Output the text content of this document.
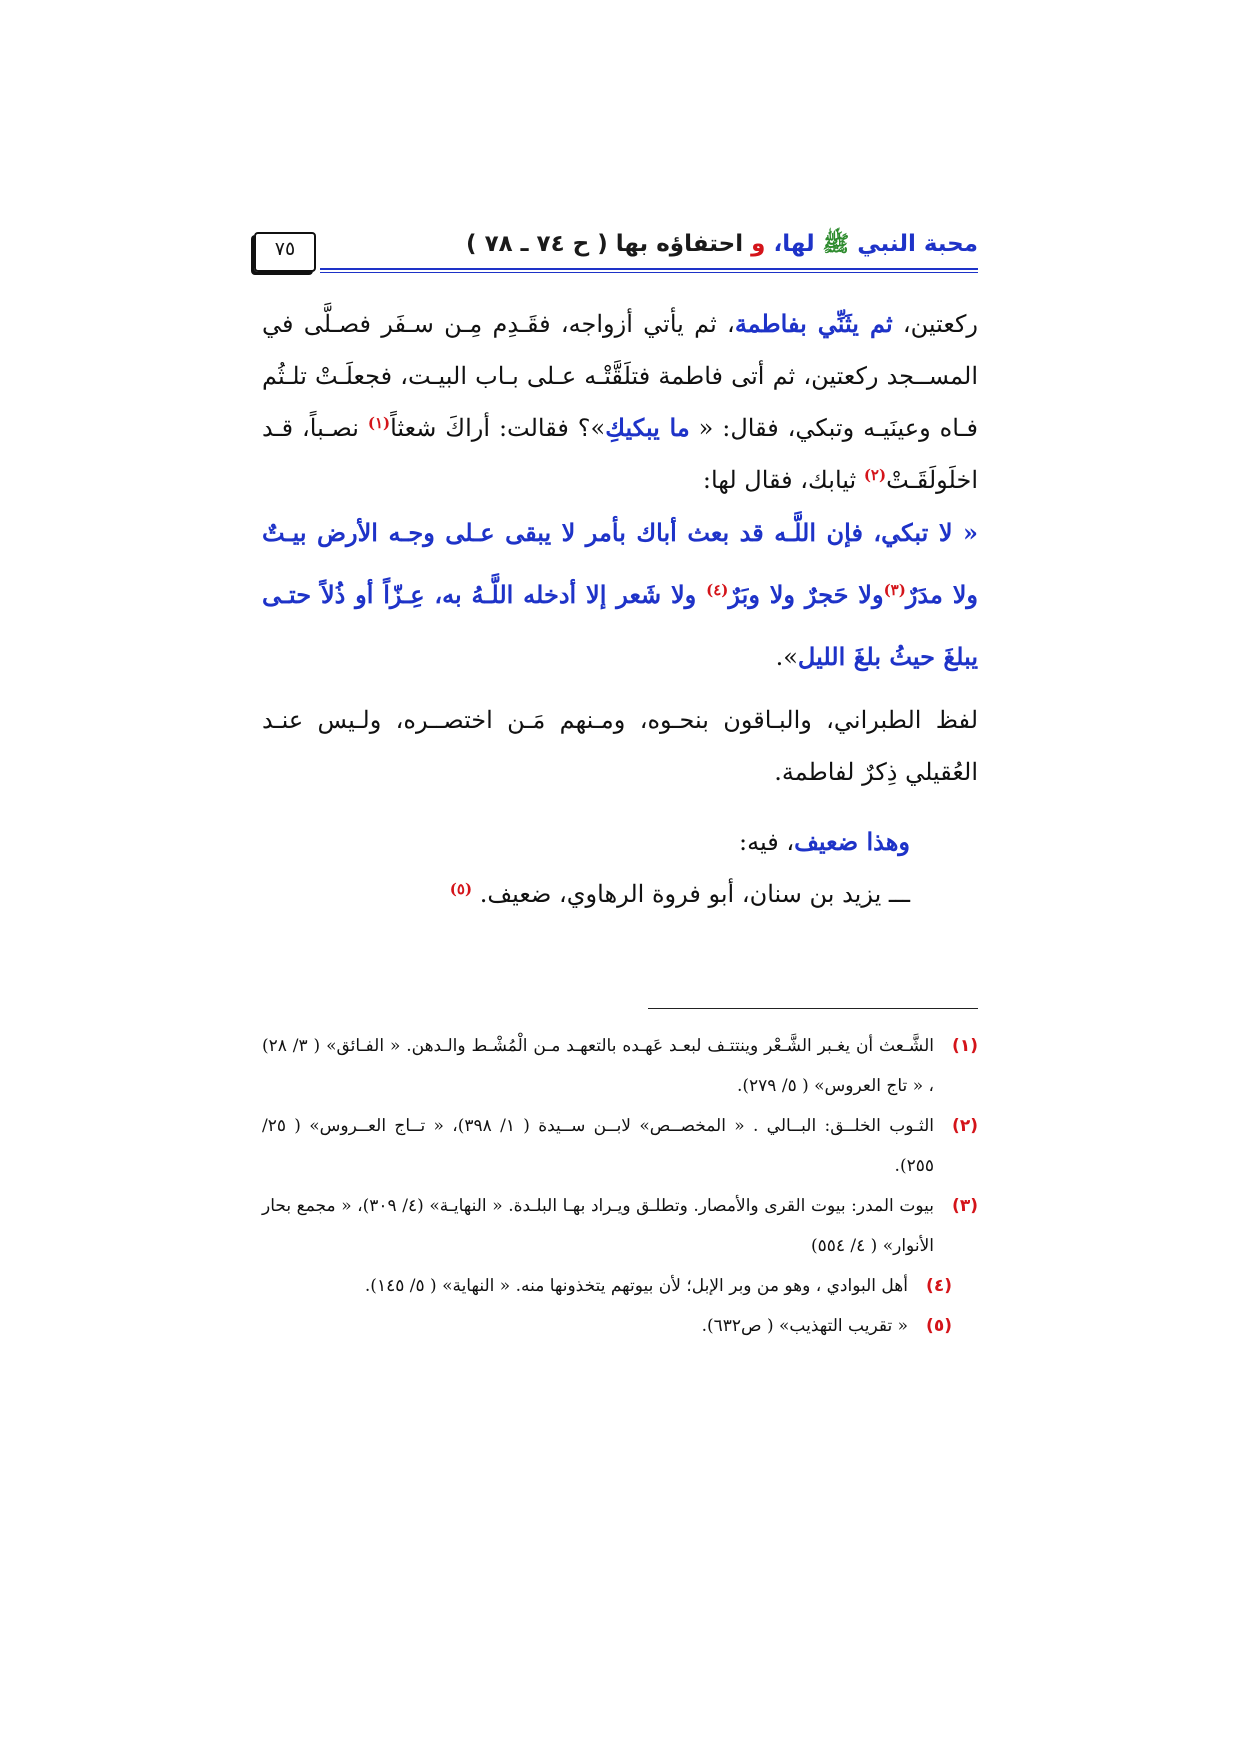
محبة النبي ﷺ لها، و احتفاؤه بها ( ح ٧٤ ـ ٧٨ )
٧٥
ركعتين، ثم يثَنِّي بفاطمة، ثم يأتي أزواجه، فقَـدِم مِـن سـفَر فصـلَّى في المســجد ركعتين، ثم أتى فاطمة فتلَقَّتْـه عـلى بـاب البيـت، فجعلَـتْ تلـثُم فـاه وعينَيـه وتبكي، فقال: « ما يبكيكِ»؟ فقالت: أراكَ شعثاً$^{(١)}$ نصـباً، قـد اخلَولَقَـتْ$^{(٢)}$ ثيابك، فقال لها:
« لا تبكي، فإن اللَّـه قد بعث أباك بأمر لا يبقى عـلى وجـه الأرض بيـتٌ ولا مدَرٌ$^{(٣)}$ولا حَجرٌ ولا وبَرٌ$^{(٤)}$ ولا شَعر إلا أدخله اللَّـهُ به، عِـزّاً أو ذُلاً حتـى يبلغَ حيثُ بلغَ الليل».
لفظ الطبراني، والبـاقون بنحـوه، ومـنهم مَـن اختصــره، ولـيس عنـد العُقيلي ذِكرٌ لفاطمة.
وهذا ضعيف، فيه:
ـــ يزيد بن سنان، أبو فروة الرهاوي، ضعيف. $^{(٥)}$
(١)
الشَّـعث أن يغـبر الشَّـعْر وينتتـف لبعـد عَهـده بالتعهـد مـن الْمُشْـط والـدهن. « الفـائق» ( ٣/ ٢٨) ، « تاج العروس» ( ٥/ ٢٧٩).
(٢)
الثـوب الخلــق: البــالي . « المخصــص» لابــن ســيدة ( ١/ ٣٩٨)، « تــاج العــروس» ( ٢٥/ ٢٥٥).
(٣)
بيوت المدر: بيوت القرى والأمصار. وتطلـق ويـراد بهـا البلـدة. « النهايـة» (٤/ ٣٠٩)، « مجمع بحار الأنوار» ( ٤/ ٥٥٤)
(٤)
أهل البوادي ، وهو من وبر الإبل؛ لأن بيوتهم يتخذونها منه. « النهاية» ( ٥/ ١٤٥).
(٥)
« تقريب التهذيب» ( ص٦٣٢).
